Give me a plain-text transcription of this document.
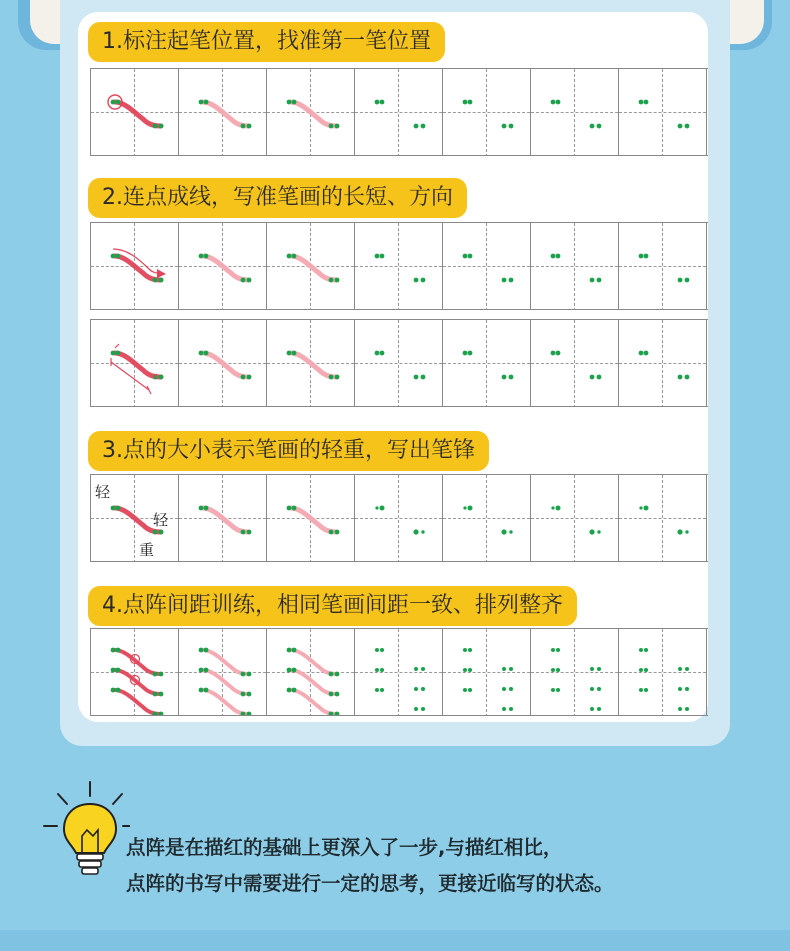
1.标注起笔位置，找准第一笔位置
2.连点成线，写准笔画的长短、方向
3.点的大小表示笔画的轻重，写出笔锋
轻
轻
重
4.点阵间距训练，相同笔画间距一致、排列整齐
点阵是在描红的基础上更深入了一步,与描红相比，
点阵的书写中需要进行一定的思考，更接近临写的状态。
